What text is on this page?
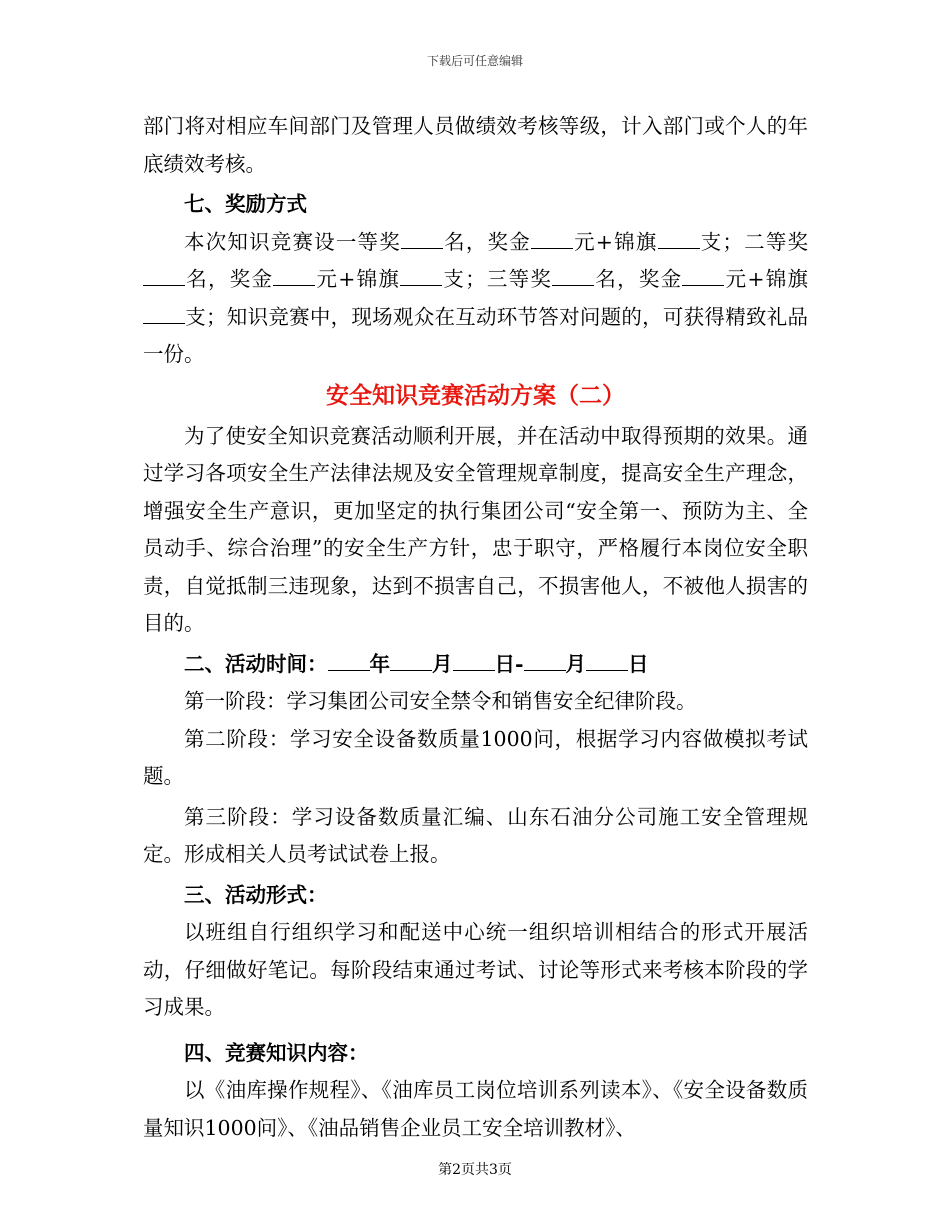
下载后可任意编辑

部门将对相应车间部门及管理人员做绩效考核等级，计入部门或个人的年底绩效考核。

七、奖励方式

本次知识竞赛设一等奖 名，奖金 元+锦旗 支；二等奖名，奖金 元+锦旗 支；三等奖 名，奖金 元+锦旗支；知识竞赛中，现场观众在互动环节答对问题的，可获得精致礼品一份。

安全知识竞赛活动方案（二）

为了使安全知识竞赛活动顺利开展，并在活动中取得预期的效果。通过学习各项安全生产法律法规及安全管理规章制度，提高安全生产理念，增强安全生产意识，更加坚定的执行集团公司“安全第一、预防为主、全员动手、综合治理”的安全生产方针，忠于职守，严格履行本岗位安全职责，自觉抵制三违现象，达到不损害自己，不损害他人，不被他人损害的目的。

二、活动时间： 年 月 日- 月 日

第一阶段：学习集团公司安全禁令和销售安全纪律阶段。

第二阶段：学习安全设备数质量1000问，根据学习内容做模拟考试题。

第三阶段：学习设备数质量汇编、山东石油分公司施工安全管理规定。形成相关人员考试试卷上报。

三、活动形式：

以班组自行组织学习和配送中心统一组织培训相结合的形式开展活动，仔细做好笔记。每阶段结束通过考试、讨论等形式来考核本阶段的学习成果。

四、竞赛知识内容：

以《油库操作规程》、《油库员工岗位培训系列读本》、《安全设备数质量知识1000问》、《油品销售企业员工安全培训教材》、

第2页共3页
